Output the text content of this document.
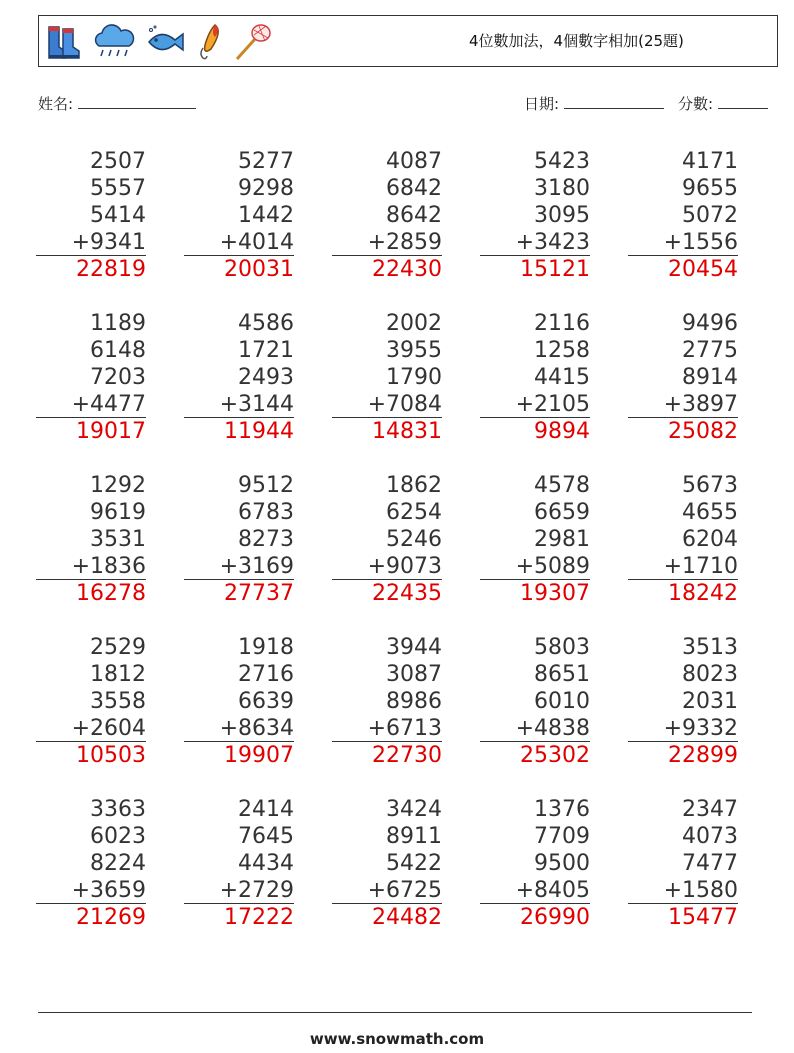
4位數加法，4個數字相加(25題)
姓名:	日期:	分數:
2507
5557
5414
+9341
22819
5277
9298
1442
+4014
20031
4087
6842
8642
+2859
22430
5423
3180
3095
+3423
15121
4171
9655
5072
+1556
20454
1189
6148
7203
+4477
19017
4586
1721
2493
+3144
11944
2002
3955
1790
+7084
14831
2116
1258
4415
+2105
9894
9496
2775
8914
+3897
25082
1292
9619
3531
+1836
16278
9512
6783
8273
+3169
27737
1862
6254
5246
+9073
22435
4578
6659
2981
+5089
19307
5673
4655
6204
+1710
18242
2529
1812
3558
+2604
10503
1918
2716
6639
+8634
19907
3944
3087
8986
+6713
22730
5803
8651
6010
+4838
25302
3513
8023
2031
+9332
22899
3363
6023
8224
+3659
21269
2414
7645
4434
+2729
17222
3424
8911
5422
+6725
24482
1376
7709
9500
+8405
26990
2347
4073
7477
+1580
15477
www.snowmath.com
